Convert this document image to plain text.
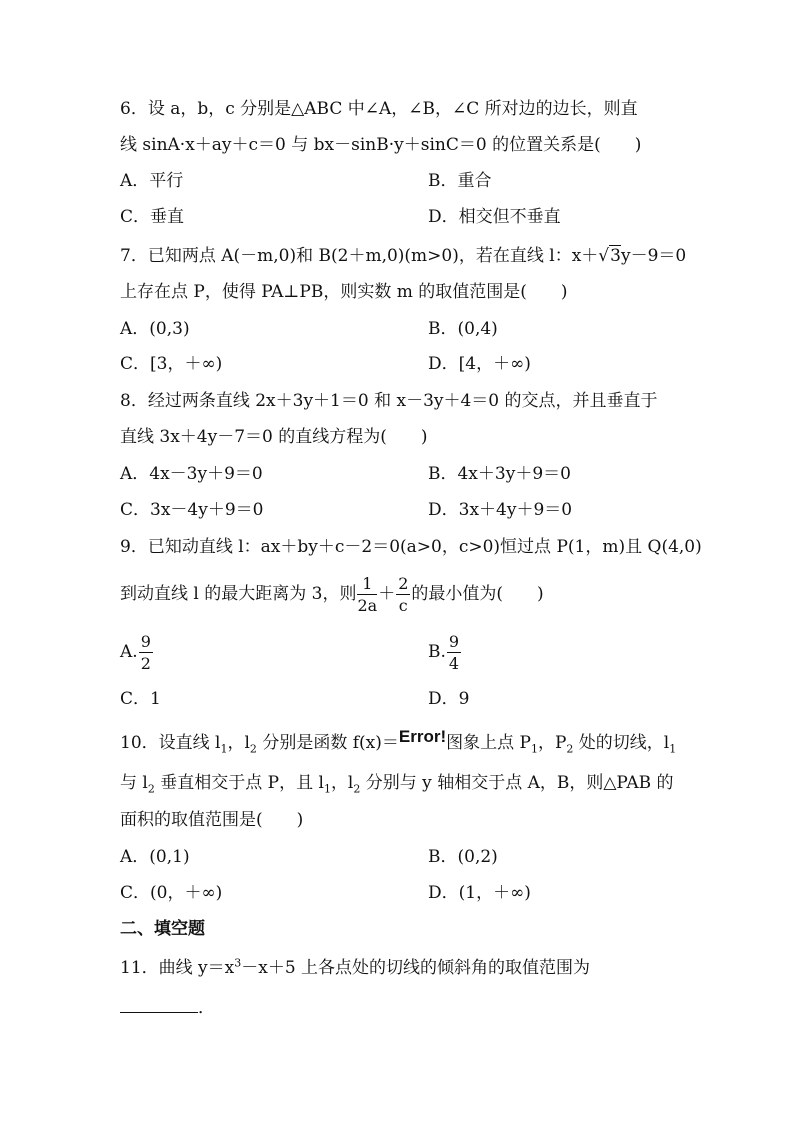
6．设 a，b，c 分别是△ABC 中∠A，∠B，∠C 所对边的边长，则直
线 sinA·x＋ay＋c＝0 与 bx－sinB·y＋sinC＝0 的位置关系是(　　)
A．平行	B．重合
C．垂直	D．相交但不垂直
7．已知两点 A(－m,0)和 B(2＋m,0)(m>0)，若在直线 l：x＋√3y－9＝0
上存在点 P，使得 PA⊥PB，则实数 m 的取值范围是(　　)
A．(0,3)	B．(0,4)
C．[3，＋∞)	D．[4，＋∞)
8．经过两条直线 2x＋3y＋1＝0 和 x－3y＋4＝0 的交点，并且垂直于
直线 3x＋4y－7＝0 的直线方程为(　　)
A．4x－3y＋9＝0	B．4x＋3y＋9＝0
C．3x－4y＋9＝0	D．3x＋4y＋9＝0
9．已知动直线 l：ax＋by＋c－2＝0(a>0，c>0)恒过点 P(1，m)且 Q(4,0)
到动直线 l 的最大距离为 3，则 $\frac{1}{2a} + \frac{2}{c}$ 的最小值为(　　)
A. $\frac{9}{2}$	B. $\frac{9}{4}$
C．1	D．9
10．设直线 $l_1$，$l_2$ 分别是函数 f(x)＝Error!图象上点 $P_1$，$P_2$ 处的切线，$l_1$
与 $l_2$ 垂直相交于点 P，且 $l_1$，$l_2$ 分别与 y 轴相交于点 A，B，则△PAB 的
面积的取值范围是(　　)
A．(0,1)	B．(0,2)
C．(0，＋∞)	D．(1，＋∞)
二、填空题
11．曲线 $y=x^3-x+5$ 上各点处的切线的倾斜角的取值范围为
．
